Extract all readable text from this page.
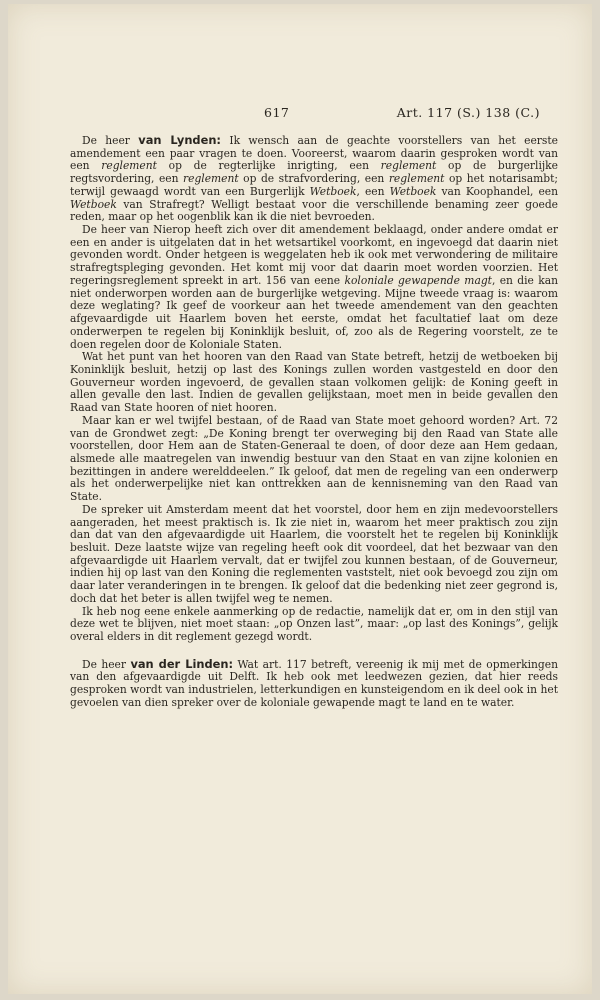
617	Art. 117 (S.) 138 (C.)

De heer van Lynden: Ik wensch aan de geachte voorstellers van het eerste amendement een paar vragen te doen. Vooreerst, waarom daarin gesproken wordt van een reglement op de regterlijke inrigting, een reglement op de burgerlijke regtsvordering, een reglement op de strafvordering, een reglement op het notarisambt; terwijl gewaagd wordt van een Burgerlijk Wetboek, een Wetboek van Koophandel, een Wetboek van Strafregt? Welligt bestaat voor die verschillende benaming zeer goede reden, maar op het oogenblik kan ik die niet bevroeden.

De heer van Nierop heeft zich over dit amendement beklaagd, onder andere omdat er een en ander is uitgelaten dat in het wetsartikel voorkomt, en ingevoegd dat daarin niet gevonden wordt. Onder hetgeen is weggelaten heb ik ook met verwondering de militaire strafregtspleging gevonden. Het komt mij voor dat daarin moet worden voorzien. Het regeringsreglement spreekt in art. 156 van eene koloniale gewapende magt, en die kan niet onderworpen worden aan de burgerlijke wetgeving. Mijne tweede vraag is: waarom deze weglating? Ik geef de voorkeur aan het tweede amendement van den geachten afgevaardigde uit Haarlem boven het eerste, omdat het facultatief laat om deze onderwerpen te regelen bij Koninklijk besluit, of, zoo als de Regering voorstelt, ze te doen regelen door de Koloniale Staten.

Wat het punt van het hooren van den Raad van State betreft, hetzij de wetboeken bij Koninklijk besluit, hetzij op last des Konings zullen worden vastgesteld en door den Gouverneur worden ingevoerd, de gevallen staan volkomen gelijk: de Koning geeft in allen gevalle den last. Indien de gevallen gelijkstaan, moet men in beide gevallen den Raad van State hooren of niet hooren.

Maar kan er wel twijfel bestaan, of de Raad van State moet gehoord worden? Art. 72 van de Grondwet zegt: „De Koning brengt ter overweging bij den Raad van State alle voorstellen, door Hem aan de Staten-Generaal te doen, of door deze aan Hem gedaan, alsmede alle maatregelen van inwendig bestuur van den Staat en van zijne kolonien en bezittingen in andere werelddeelen.” Ik geloof, dat men de regeling van een onderwerp als het onderwerpelijke niet kan onttrekken aan de kennisneming van den Raad van State.

De spreker uit Amsterdam meent dat het voorstel, door hem en zijn medevoorstellers aangeraden, het meest praktisch is. Ik zie niet in, waarom het meer praktisch zou zijn dan dat van den afgevaardigde uit Haarlem, die voorstelt het te regelen bij Koninklijk besluit. Deze laatste wijze van regeling heeft ook dit voordeel, dat het bezwaar van den afgevaardigde uit Haarlem vervalt, dat er twijfel zou kunnen bestaan, of de Gouverneur, indien hij op last van den Koning die reglementen vaststelt, niet ook bevoegd zou zijn om daar later veranderingen in te brengen. Ik geloof dat die bedenking niet zeer gegrond is, doch dat het beter is allen twijfel weg te nemen.

Ik heb nog eene enkele aanmerking op de redactie, namelijk dat er, om in den stijl van deze wet te blijven, niet moet staan: „op Onzen last”, maar: „op last des Konings”, gelijk overal elders in dit reglement gezegd wordt.

De heer van der Linden: Wat art. 117 betreft, vereenig ik mij met de opmerkingen van den afgevaardigde uit Delft. Ik heb ook met leedwezen gezien, dat hier reeds gesproken wordt van industrielen, letterkundigen en kunsteigendom en ik deel ook in het gevoelen van dien spreker over de koloniale gewapende magt te land en te water.
